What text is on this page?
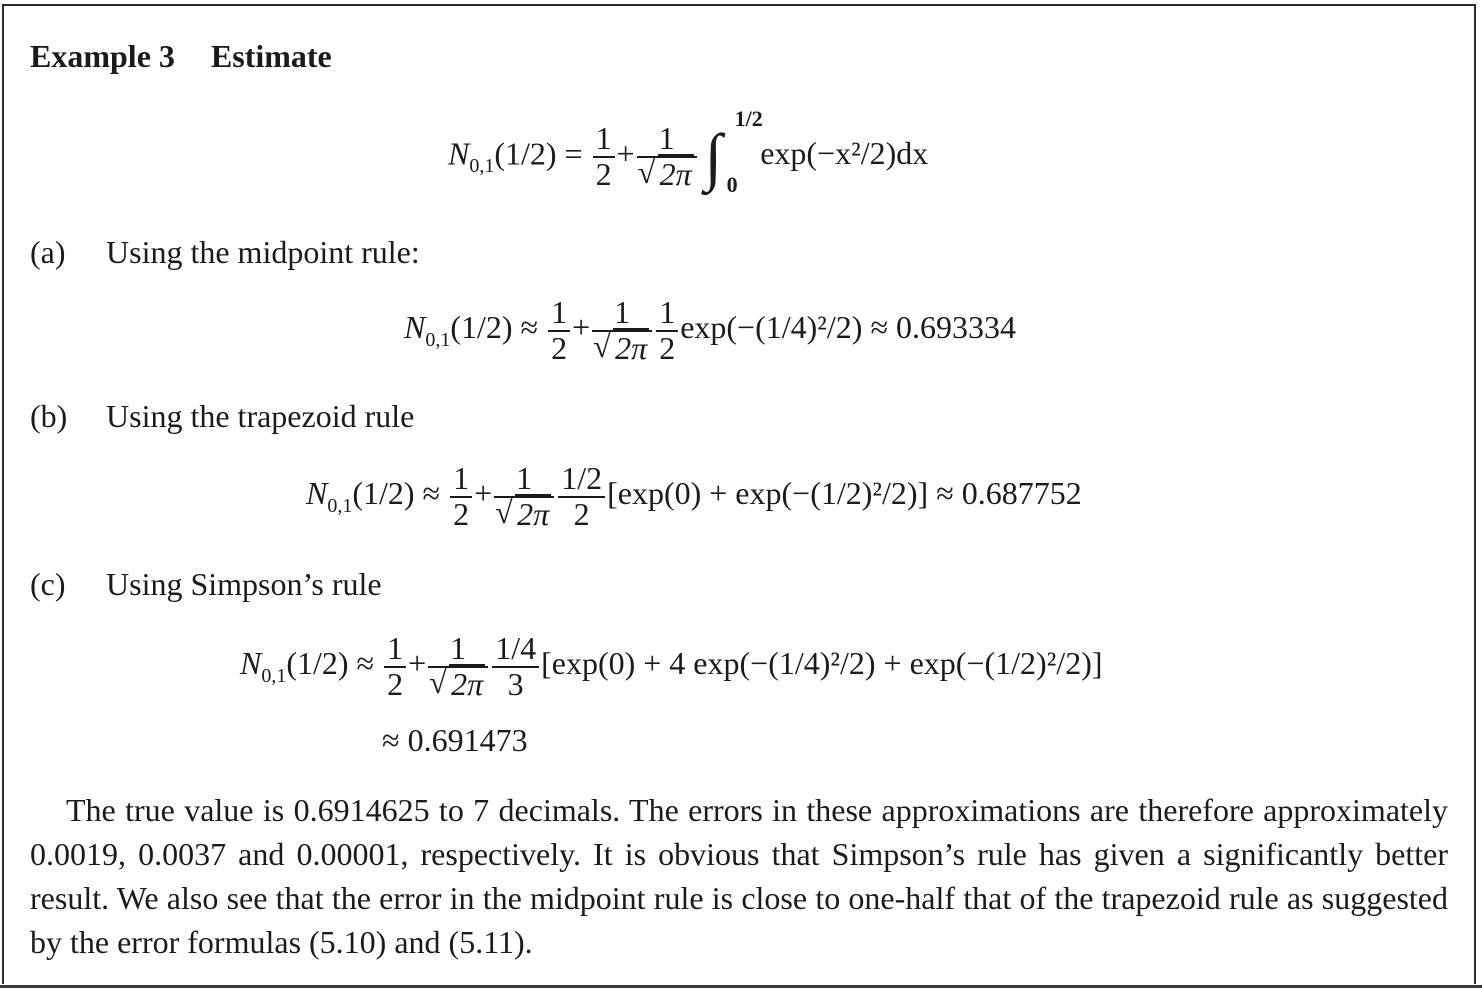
Example 3 Estimate
$N_{0,1}(1/2) = \frac{1}{2} + 1$
√ 2π ∫
1/2
0
exp(−x²/2)dx
(a) Using the midpoint rule:
$N_{0,1}(1/2) \approx \frac{1}{2} + 1$
√ $2\pi \frac{1}{2} \exp(-(1/4)^2/2) \approx 0.693334$
(b) Using the trapezoid rule
$N_{0,1}(1/2) \approx \frac{1}{2} + 1$
√ $2\pi \frac{1/2}{2} [\exp(0) + \exp(-(1/2)^2/2)] \approx 0.687752$
(c) Using Simpson’s rule
$N_{0,1}(1/2) \approx \frac{1}{2} + 1$
√ $2\pi \frac{1/4}{3} [\exp(0) + 4$ exp(−(1/4)²/2) + exp(−(1/2)²/2)]
≈ 0.691473

The true value is 0.6914625 to 7 decimals. The errors in these approximations are therefore approximately 0.0019, 0.0037 and 0.00001, respectively. It is obvious that Simpson’s rule has given a significantly better result. We also see that the error in the midpoint rule is close to one-half that of the trapezoid rule as suggested by the error formulas (5.10) and (5.11).
